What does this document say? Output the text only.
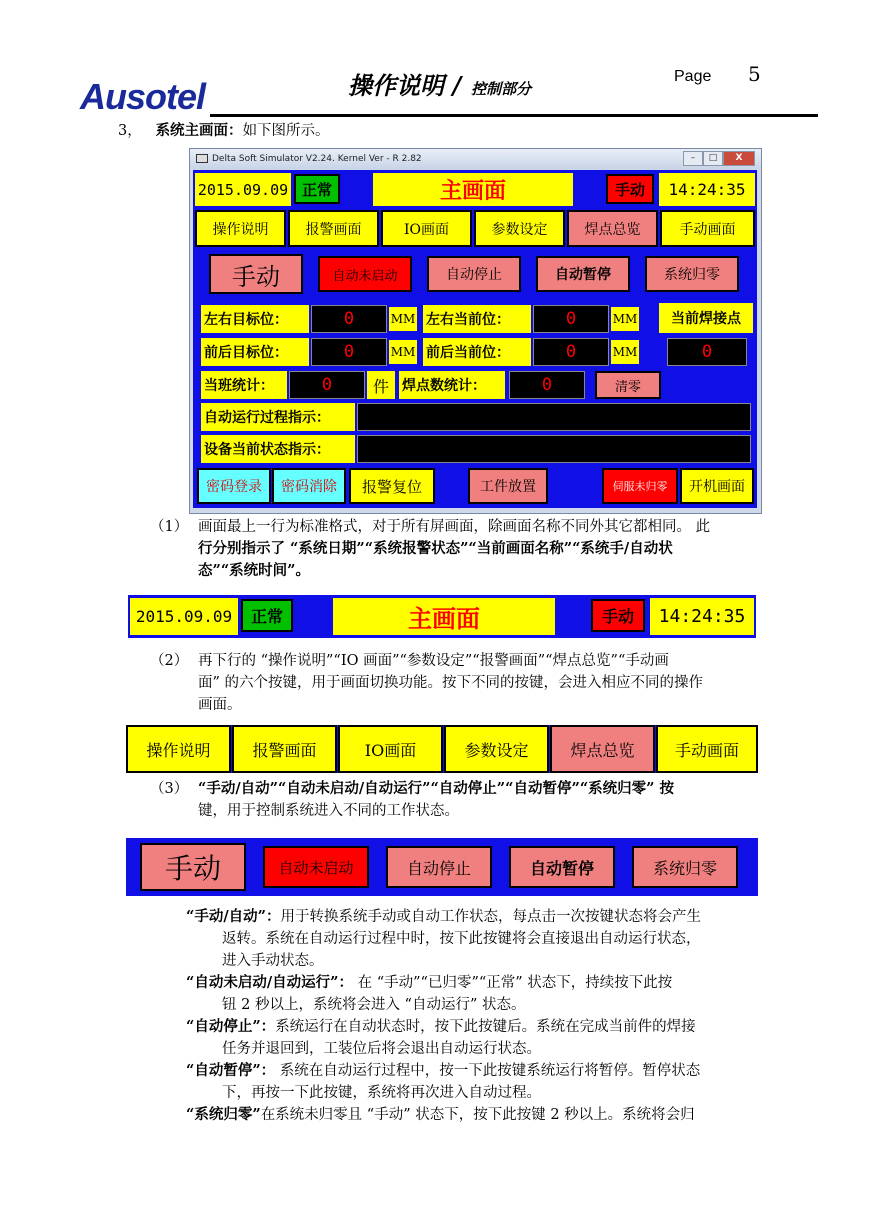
Ausotel	操作说明 / 控制部分
Page 5
3， 系统主画面：如下图所示。
Delta Soft Simulator V2.24. Kernel Ver - R 2.82	– □ X
2015.09.09 正常	主画面	手动	14:24:35
操作说明	报警画面	IO画面	参数设定	焊点总览	手动画面
手动	自动未启动	自动停止	自动暂停	系统归零
左右目标位：	0	MM 左右当前位：	0	MM	当前焊接点
前后目标位：	0	MM 前后当前位：	0	MM	0
当班统计：	0	件 焊点数统计：	0	清零
自动运行过程指示：
设备当前状态指示：
密码登录	密码消除	报警复位	工件放置	伺服未归零	开机画面
（1） 画面最上一行为标准格式，对于所有屏画面，除画面名称不同外其它都相同。 此
行分别指示了 “系统日期”“系统报警状态”“当前画面名称”“系统手/自动状
态”“系统时间”。
2015.09.09	正常	主画面	手动	14:24:35
（2） 再下行的 “操作说明”“IO 画面”“参数设定”“报警画面”“焊点总览”“手动画
面” 的六个按键，用于画面切换功能。按下不同的按键，会进入相应不同的操作
画面。
操作说明	报警画面	IO画面	参数设定	焊点总览	手动画面
（3） “手动/自动”“自动未启动/自动运行”“自动停止”“自动暂停”“系统归零” 按
键，用于控制系统进入不同的工作状态。
手动	自动未启动	自动停止	自动暂停	系统归零
“手动/自动”：用于转换系统手动或自动工作状态，每点击一次按键状态将会产生
返转。系统在自动运行过程中时，按下此按键将会直接退出自动运行状态，
进入手动状态。
“自动未启动/自动运行”： 在 “手动”“已归零”“正常” 状态下，持续按下此按
钮 2 秒以上，系统将会进入 “自动运行” 状态。
“自动停止”：系统运行在自动状态时，按下此按键后。系统在完成当前件的焊接
任务并退回到，工装位后将会退出自动运行状态。
“自动暂停”： 系统在自动运行过程中，按一下此按键系统运行将暂停。暂停状态
下，再按一下此按键，系统将再次进入自动过程。
“系统归零”在系统未归零且 “手动” 状态下，按下此按键 2 秒以上。系统将会归
